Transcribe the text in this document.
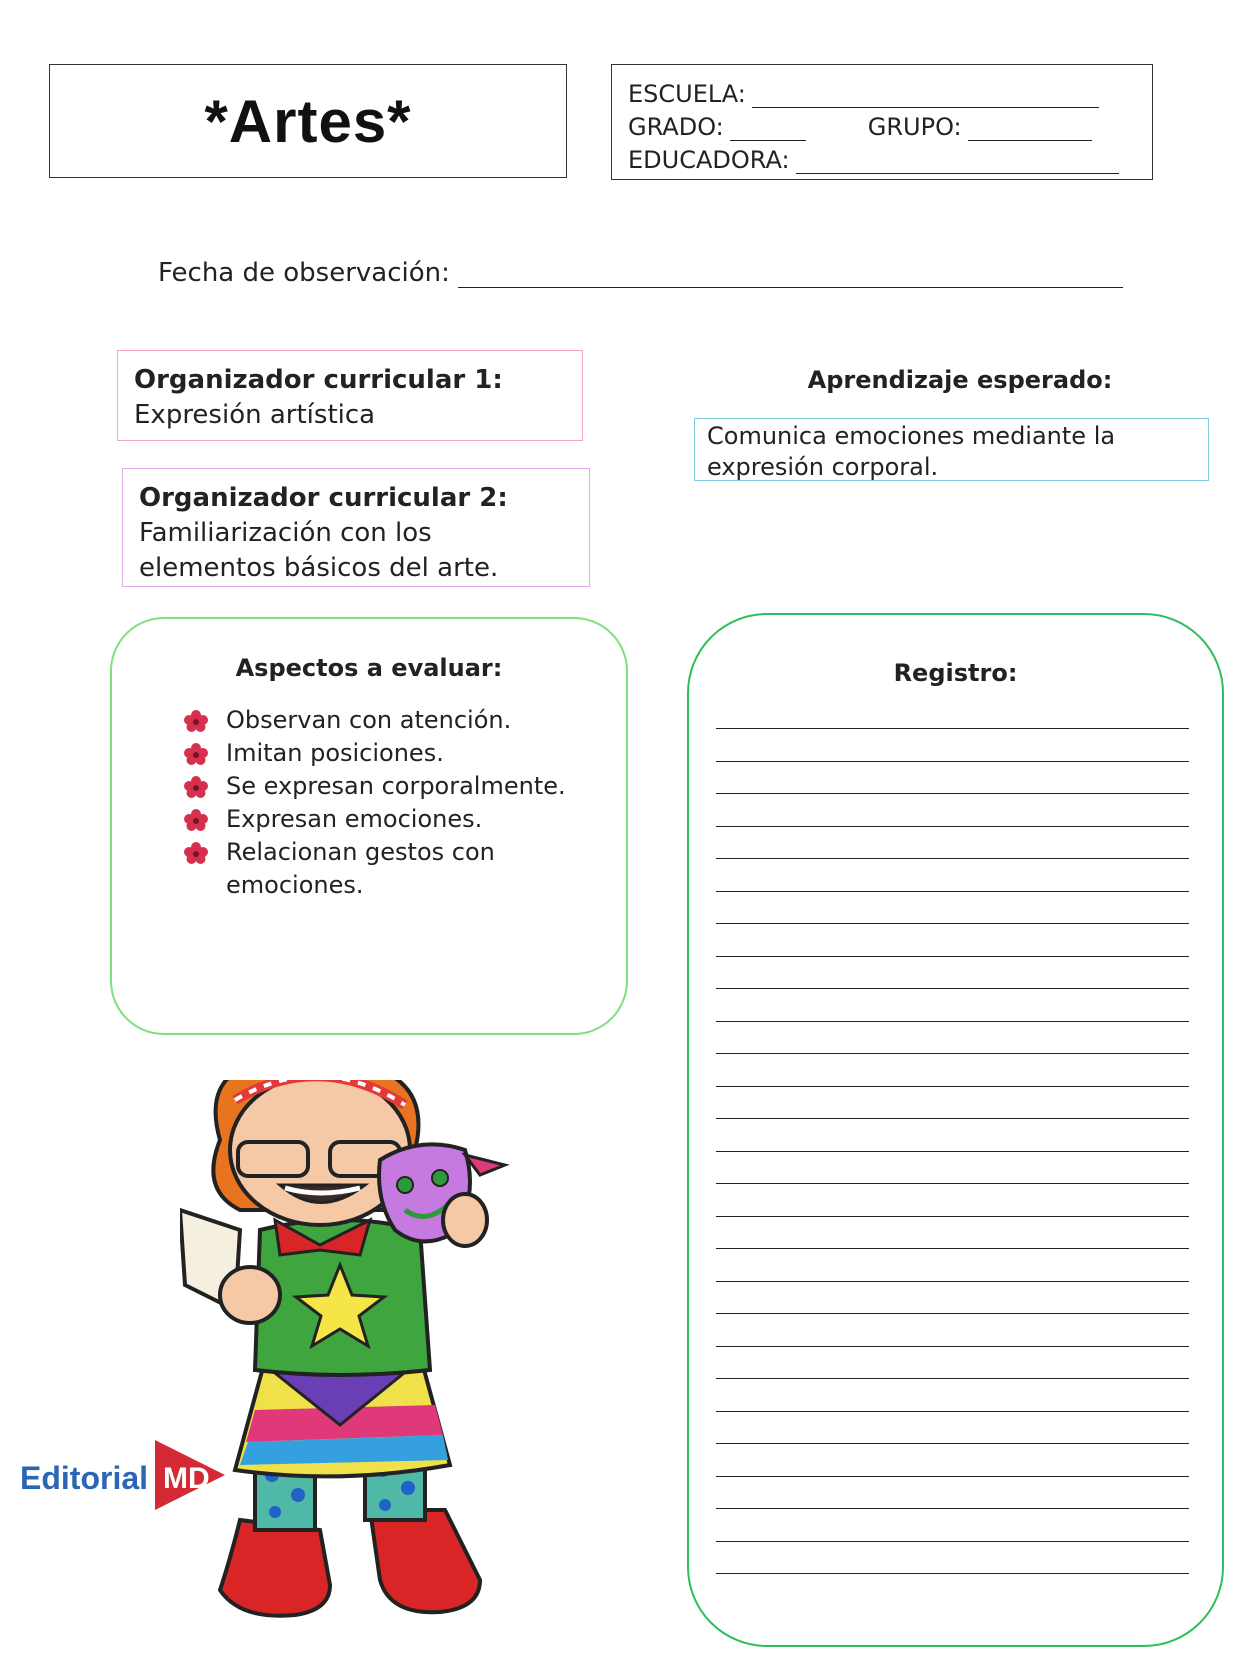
*Artes*	ESCUELA:
GRADO:	GRUPO:
EDUCADORA:
Fecha de observación:
Organizador curricular 1:
Expresión artística
Organizador curricular 2:
Familiarización con los
elementos básicos del arte.
Aprendizaje esperado:
Comunica emociones mediante la
expresión corporal.
Aspectos a evaluar:
Observan con atención.
Imitan posiciones.
Se expresan corporalmente.
Expresan emociones.
Relacionan gestos con emociones.
Registro:
Editorial MD
